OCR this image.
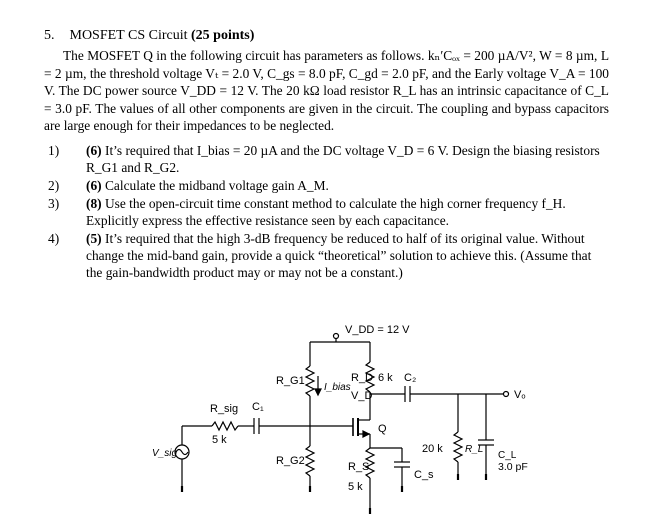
5. MOSFET CS Circuit (25 points)
The MOSFET Q in the following circuit has parameters as follows. kₙ′Cₒₓ = 200 µA/V², W = 8 µm, L = 2 µm, the threshold voltage Vₜ = 2.0 V, C_gs = 8.0 pF, C_gd = 2.0 pF, and the Early voltage V_A = 100 V. The DC power source V_DD = 12 V. The 20 kΩ load resistor R_L has an intrinsic capacitance of C_L = 3.0 pF. The values of all other components are given in the circuit. The coupling and bypass capacitors are large enough for their impedances to be neglected.
1) (6) It’s required that I_bias = 20 µA and the DC voltage V_D = 6 V. Design the biasing resistors R_G1 and R_G2.
2) (6) Calculate the midband voltage gain A_M.
3) (8) Use the open-circuit time constant method to calculate the high corner frequency f_H. Explicitly express the effective resistance seen by each capacitance.
4) (5) It’s required that the high 3-dB frequency be reduced to half of its original value. Without change the mid-band gain, provide a quick “theoretical” solution to achieve this. (Assume that the gain-bandwidth product may or may not be a constant.)
V_DD = 12 V
R_G1
I_bias
R_G2
R_D 6 k
V_D
C₂
Vₒ
Q
R_S
5 k
C_s
20 k R_L
C_L
3.0 pF
V_sig
R_sig
5 k
C₁
